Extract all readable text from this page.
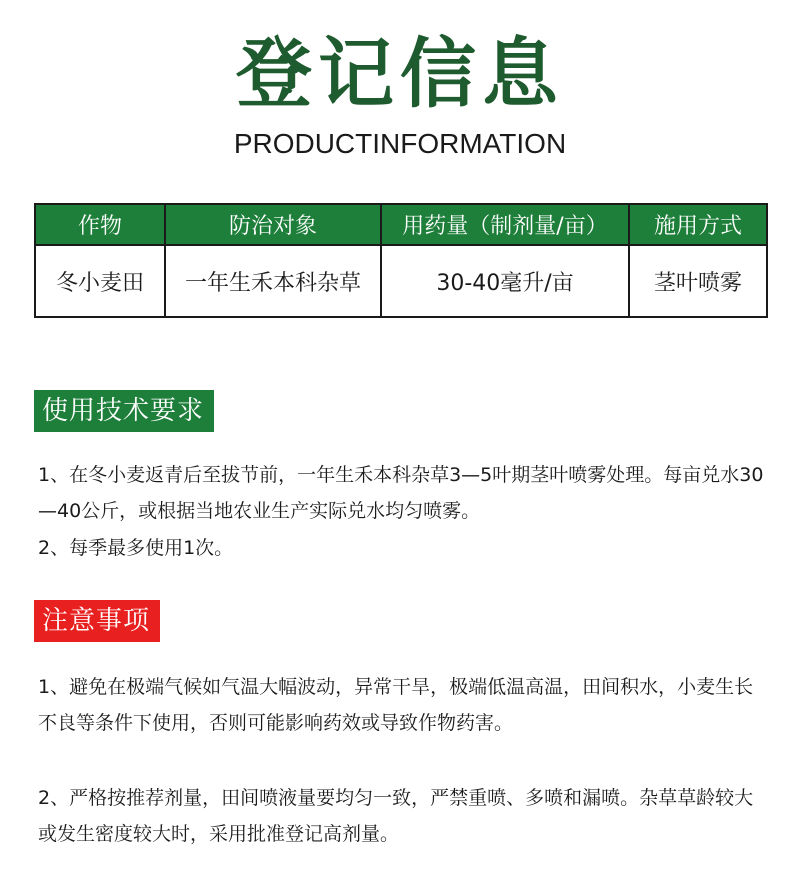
登记信息
PRODUCTINFORMATION
作物	防治对象	用药量（制剂量/亩）	施用方式
冬小麦田	一年生禾本科杂草	30-40毫升/亩	茎叶喷雾
使用技术要求
1、在冬小麦返青后至拔节前，一年生禾本科杂草3—5叶期茎叶喷雾处理。每亩兑水30—40公斤，或根据当地农业生产实际兑水均匀喷雾。
2、每季最多使用1次。
注意事项
1、避免在极端气候如气温大幅波动，异常干旱，极端低温高温，田间积水，小麦生长不良等条件下使用，否则可能影响药效或导致作物药害。
2、严格按推荐剂量，田间喷液量要均匀一致，严禁重喷、多喷和漏喷。杂草草龄较大或发生密度较大时，采用批准登记高剂量。
